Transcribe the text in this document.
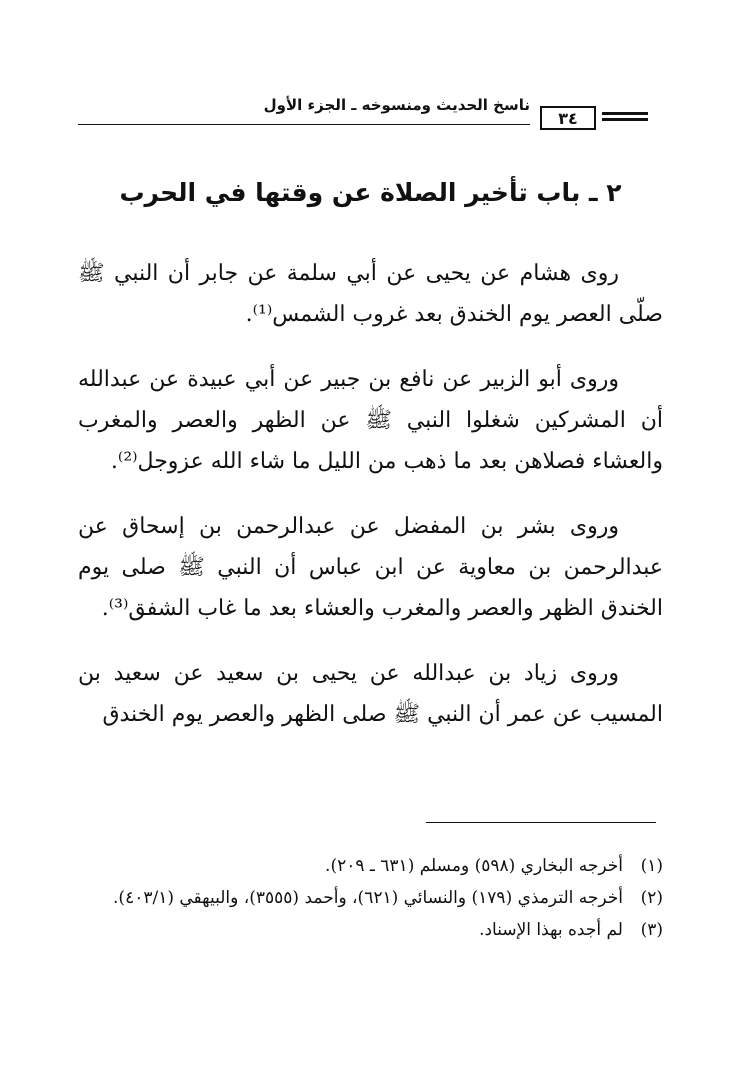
ناسخ الحديث ومنسوخه ـ الجزء الأول
٣٤
٢ ـ باب تأخير الصلاة عن وقتها في الحرب

روى هشام عن يحيى عن أبي سلمة عن جابر أن النبي ﷺ صلّى العصر يوم الخندق بعد غروب الشمس⁽¹⁾.

وروى أبو الزبير عن نافع بن جبير عن أبي عبيدة عن عبدالله أن المشركين شغلوا النبي ﷺ عن الظهر والعصر والمغرب والعشاء فصلاهن بعد ما ذهب من الليل ما شاء الله عزوجل⁽²⁾.

وروى بشر بن المفضل عن عبدالرحمن بن إسحاق عن عبدالرحمن بن معاوية عن ابن عباس أن النبي ﷺ صلى يوم الخندق الظهر والعصر والمغرب والعشاء بعد ما غاب الشفق⁽³⁾.

وروى زياد بن عبدالله عن يحيى بن سعيد عن سعيد بن المسيب عن عمر أن النبي ﷺ صلى الظهر والعصر يوم الخندق

(١)
أخرجه البخاري (٥٩٨) ومسلم (٦٣١ ـ ٢٠٩).
(٢)
أخرجه الترمذي (١٧٩) والنسائي (٦٢١)، وأحمد (٣٥٥٥)، والبيهقي (٤٠٣/١).
(٣)
لم أجده بهذا الإسناد.
